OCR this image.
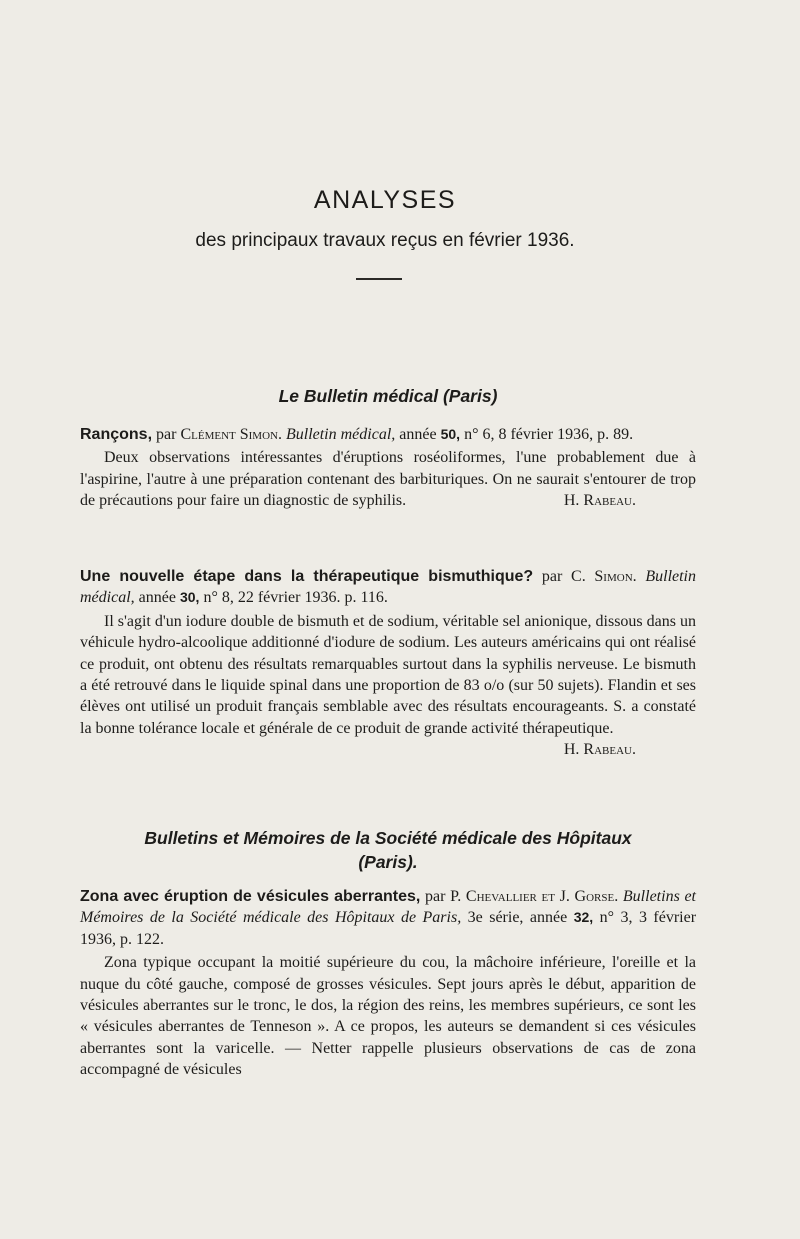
ANALYSES
des principaux travaux reçus en février 1936.
Le Bulletin médical (Paris)

Rançons, par Clément Simon. Bulletin médical, année 50, n° 6, 8 février 1936, p. 89.

Deux observations intéressantes d'éruptions roséoliformes, l'une probablement due à l'aspirine, l'autre à une préparation contenant des barbituriques. On ne saurait s'entourer de trop de précautions pour faire un diagnostic de syphilis.	H. Rabeau.

Une nouvelle étape dans la thérapeutique bismuthique? par C. Simon. Bulletin médical, année 30, n° 8, 22 février 1936. p. 116.

Il s'agit d'un iodure double de bismuth et de sodium, véritable sel anionique, dissous dans un véhicule hydro-alcoolique additionné d'iodure de sodium. Les auteurs américains qui ont réalisé ce produit, ont obtenu des résultats remarquables surtout dans la syphilis nerveuse. Le bismuth a été retrouvé dans le liquide spinal dans une proportion de 83 o/o (sur 50 sujets). Flandin et ses élèves ont utilisé un produit français semblable avec des résultats encourageants. S. a constaté la bonne tolérance locale et générale de ce produit de grande activité thérapeutique.
H. Rabeau.

Bulletins et Mémoires de la Société médicale des Hôpitaux
(Paris).

Zona avec éruption de vésicules aberrantes, par P. Chevallier et J. Gorse. Bulletins et Mémoires de la Société médicale des Hôpitaux de Paris, 3e série, année 32, n° 3, 3 février 1936, p. 122.

Zona typique occupant la moitié supérieure du cou, la mâchoire inférieure, l'oreille et la nuque du côté gauche, composé de grosses vésicules. Sept jours après le début, apparition de vésicules aberrantes sur le tronc, le dos, la région des reins, les membres supérieurs, ce sont les « vésicules aberrantes de Tenneson ». A ce propos, les auteurs se demandent si ces vésicules aberrantes sont la varicelle. — Netter rappelle plusieurs observations de cas de zona accompagné de vésicules
